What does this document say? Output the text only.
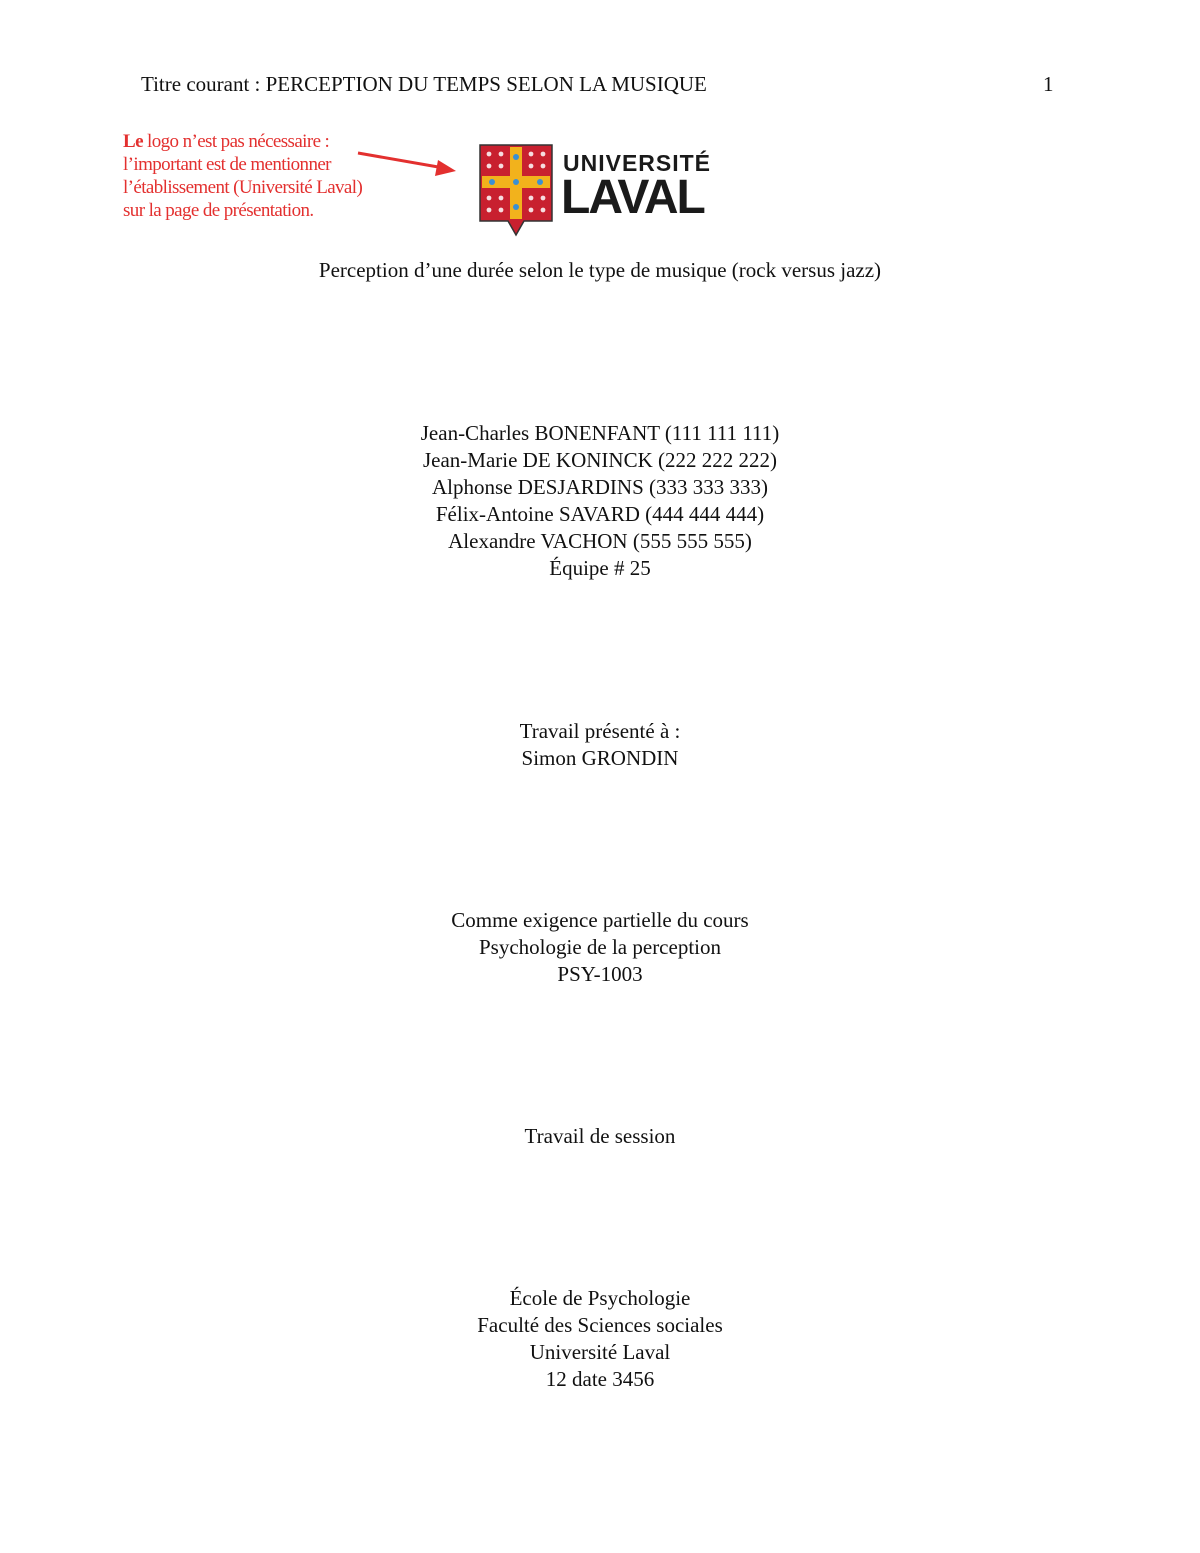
Titre courant : PERCEPTION DU TEMPS SELON LA MUSIQUE	1
Le logo n’est pas nécessaire :
l’important est de mentionner
l’établissement (Université Laval)
sur la page de présentation.
UNIVERSITÉ
LAVAL
Perception d’une durée selon le type de musique (rock versus jazz)
Jean-Charles BONENFANT (111 111 111)
Jean-Marie DE KONINCK (222 222 222)
Alphonse DESJARDINS (333 333 333)
Félix-Antoine SAVARD (444 444 444)
Alexandre VACHON (555 555 555)
Équipe # 25
Travail présenté à :
Simon GRONDIN
Comme exigence partielle du cours
Psychologie de la perception
PSY-1003
Travail de session
École de Psychologie
Faculté des Sciences sociales
Université Laval
12 date 3456
